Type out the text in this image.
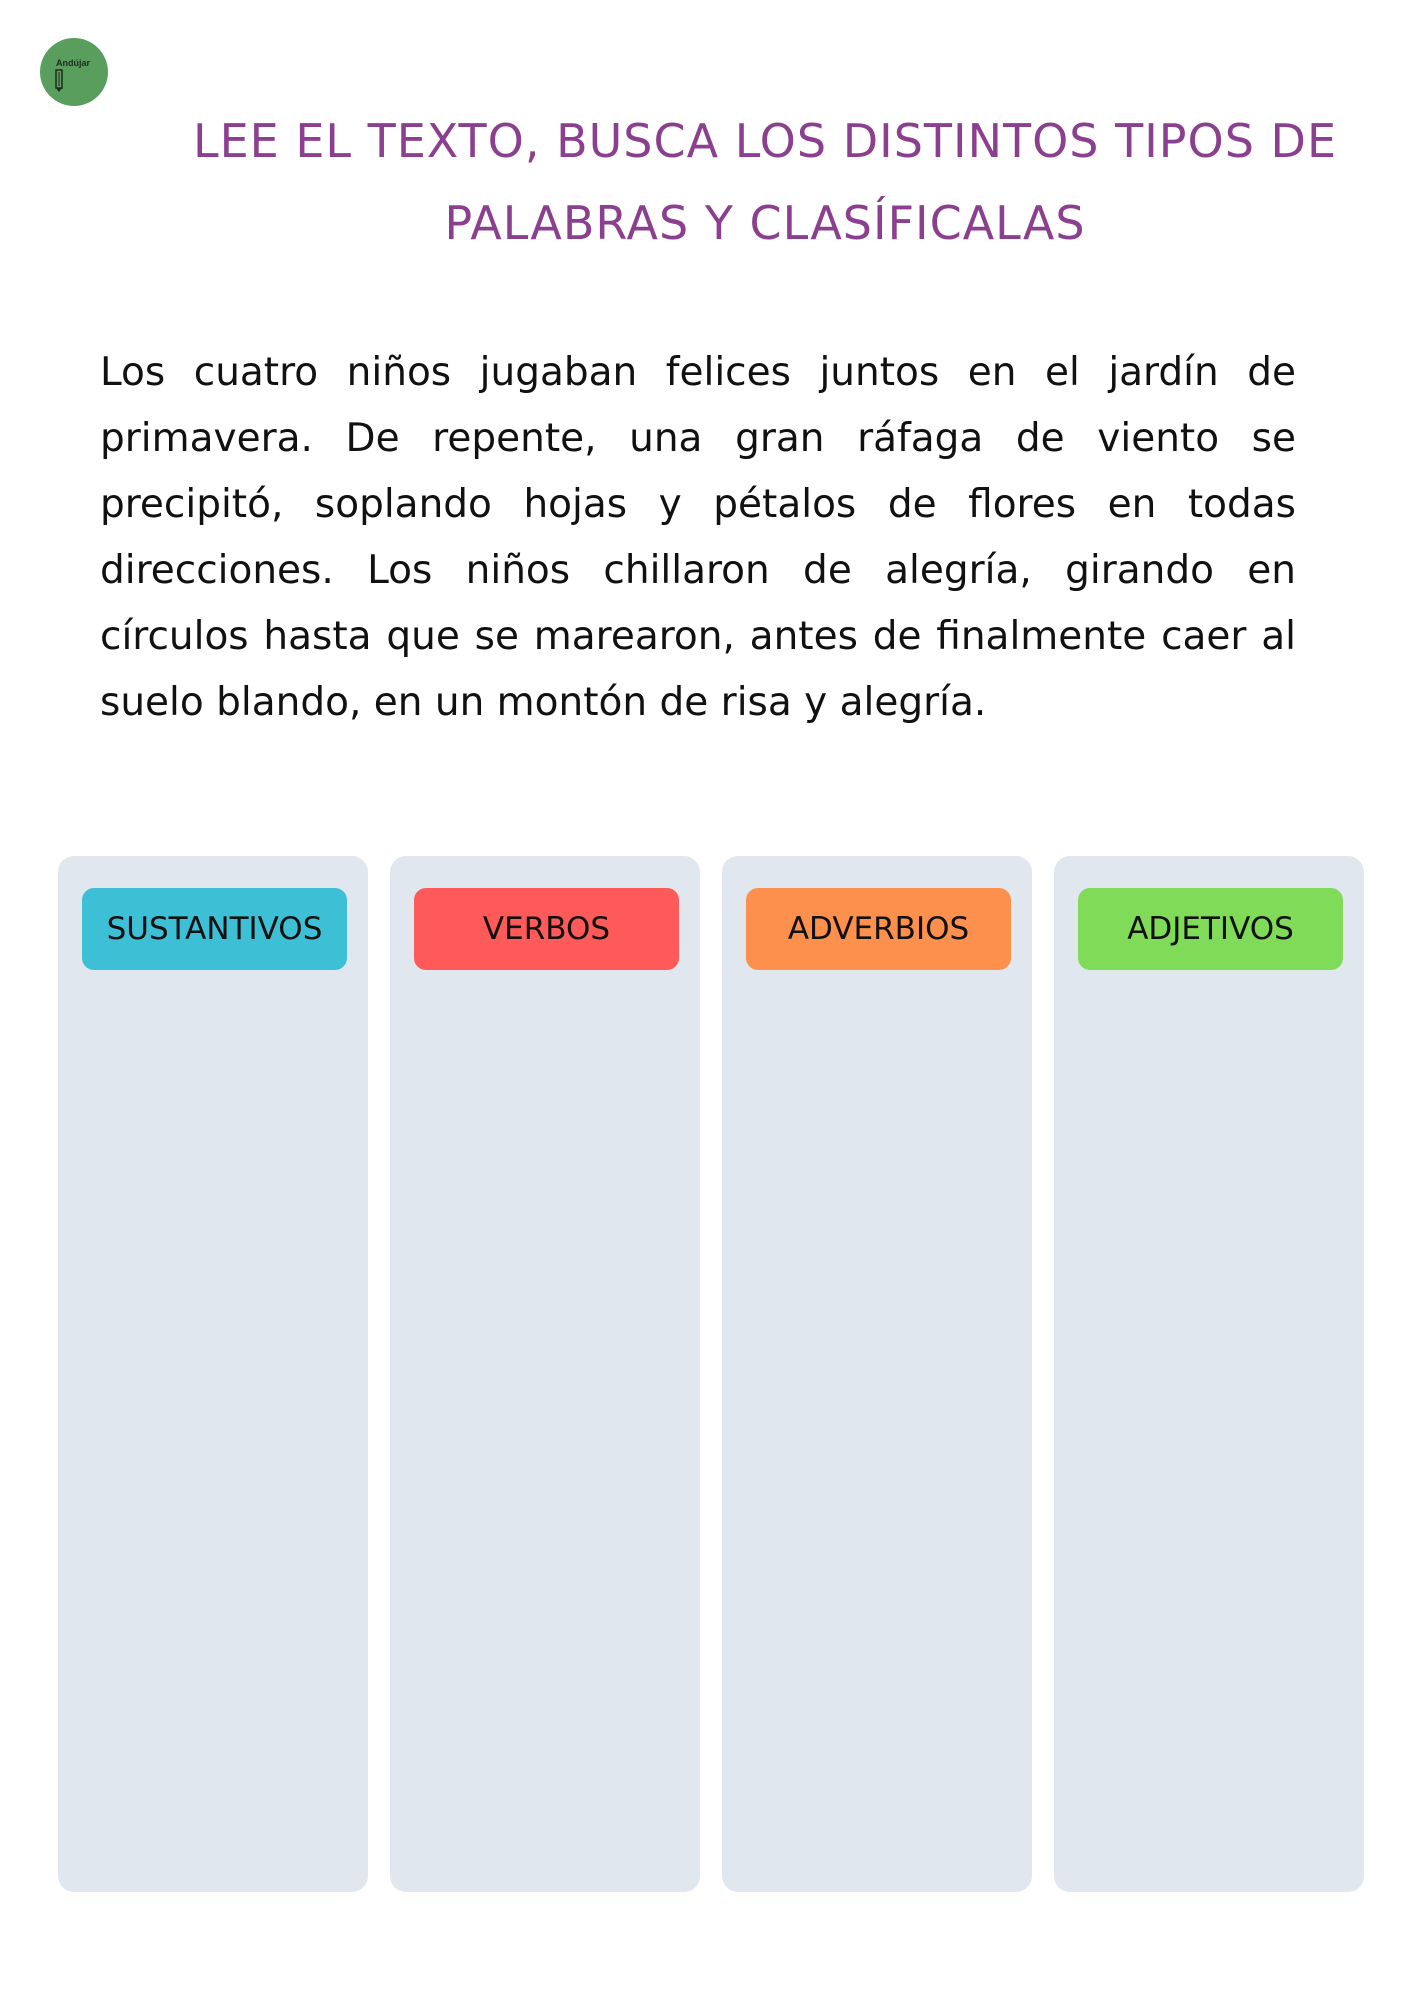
Andújar
LEE EL TEXTO, BUSCA LOS DISTINTOS TIPOS DE
PALABRAS Y CLASÍFICALAS

Los cuatro niños jugaban felices juntos en el jardín de primavera. De repente, una gran ráfaga de viento se precipitó, soplando hojas y pétalos de flores en todas direcciones. Los niños chillaron de alegría, girando en círculos hasta que se marearon, antes de finalmente caer al suelo blando, en un montón de risa y alegría.

SUSTANTIVOS	VERBOS	ADVERBIOS	ADJETIVOS
